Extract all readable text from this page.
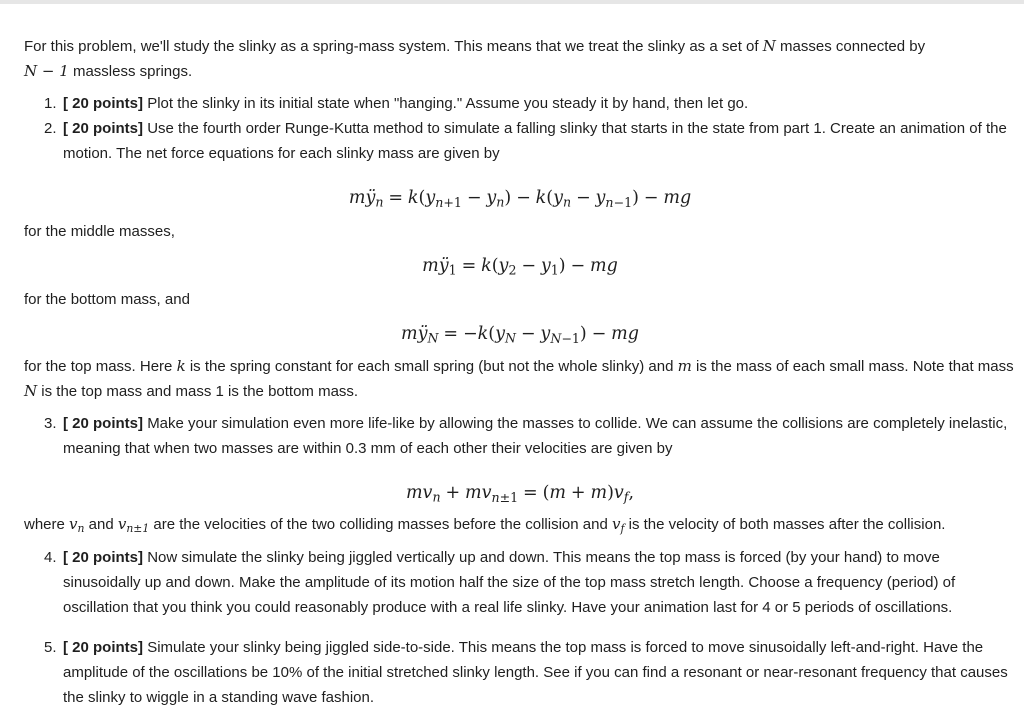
For this problem, we'll study the slinky as a spring-mass system. This means that we treat the slinky as a set of N masses connected by
N − 1 massless springs.

1. [ 20 points] Plot the slinky in its initial state when "hanging." Assume you steady it by hand, then let go.
2. [ 20 points] Use the fourth order Runge-Kutta method to simulate a falling slinky that starts in the state from part 1. Create an animation of the motion. The net force equations for each slinky mass are given by
$mÿ_n = k(y_{n+1} - y_n) - k(y_n - y_{n-1})$ − mg

for the middle masses,

$mÿ_1 = k(y_2 - y_1)$ − mg

for the bottom mass, and

$mÿ_N = -k(y_N - y_{N-1})$ − mg

for the top mass. Here k is the spring constant for each small spring (but not the whole slinky) and m is the mass of each small mass. Note that mass N is the top mass and mass 1 is the bottom mass.

3. [ 20 points] Make your simulation even more life-like by allowing the masses to collide. We can assume the collisions are completely inelastic, meaning that when two masses are within 0.3 mm of each other their velocities are given by
$mv_n + mv_{n\pm 1} = (m + m)v_f$,

where $v_n$ and $v_{n\pm 1}$ are the velocities of the two colliding masses before the collision and $v_f$ is the velocity of both masses after the collision.

4. [ 20 points] Now simulate the slinky being jiggled vertically up and down. This means the top mass is forced (by your hand) to move sinusoidally up and down. Make the amplitude of its motion half the size of the top mass stretch length. Choose a frequency (period) of oscillation that you think you could reasonably produce with a real life slinky. Have your animation last for 4 or 5 periods of oscillations.
5. [ 20 points] Simulate your slinky being jiggled side-to-side. This means the top mass is forced to move sinusoidally left-and-right. Have the amplitude of the oscillations be 10% of the initial stretched slinky length. See if you can find a resonant or near-resonant frequency that causes the slinky to wiggle in a standing wave fashion.
